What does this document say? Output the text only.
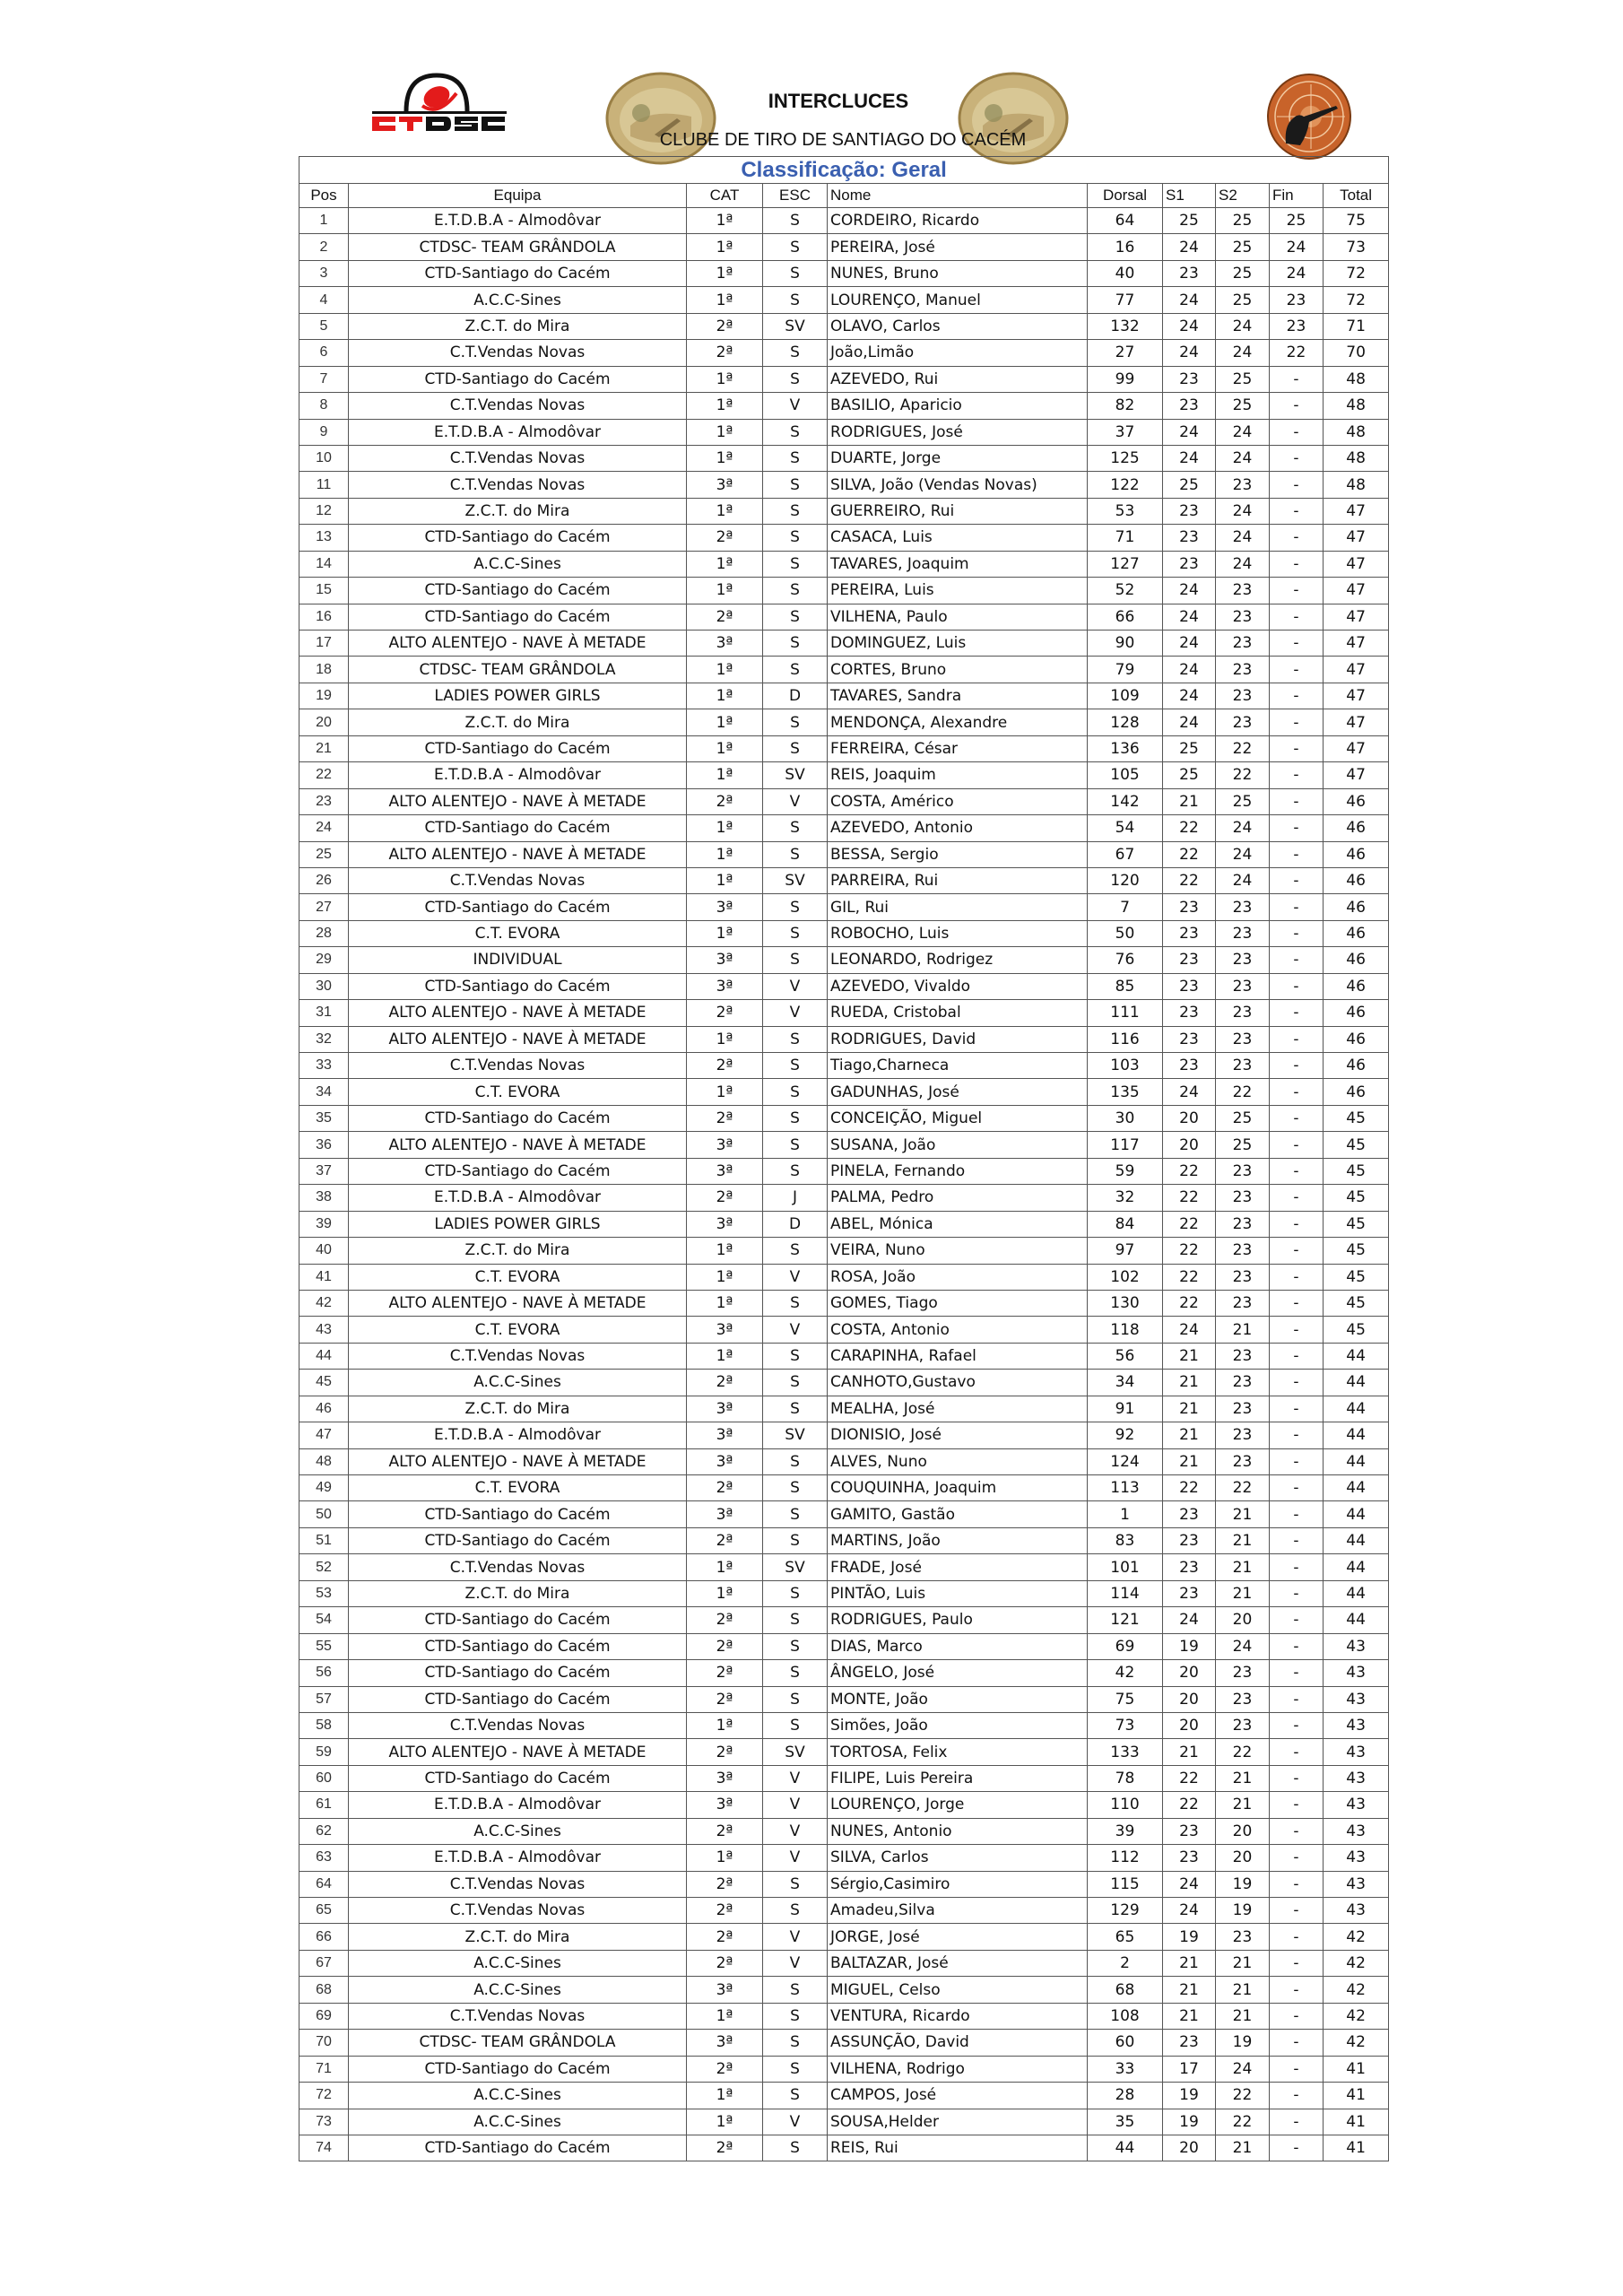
INTERCLUCES
CLUBE DE TIRO DE SANTIAGO DO CACÉM
Classificação: Geral									
Pos	Equipa	CAT	ESC	Nome	Dorsal	S1	S2	Fin	Total
1	E.T.D.B.A - Almodôvar	1ª	S	CORDEIRO, Ricardo	64	25	25	25	75
2	CTDSC- TEAM GRÂNDOLA	1ª	S	PEREIRA, José	16	24	25	24	73
3	CTD-Santiago do Cacém	1ª	S	NUNES, Bruno	40	23	25	24	72
4	A.C.C-Sines	1ª	S	LOURENÇO, Manuel	77	24	25	23	72
5	Z.C.T. do Mira	2ª	SV	OLAVO, Carlos	132	24	24	23	71
6	C.T.Vendas Novas	2ª	S	João,Limão	27	24	24	22	70
7	CTD-Santiago do Cacém	1ª	S	AZEVEDO, Rui	99	23	25	-	48
8	C.T.Vendas Novas	1ª	V	BASILIO, Aparicio	82	23	25	-	48
9	E.T.D.B.A - Almodôvar	1ª	S	RODRIGUES, José	37	24	24	-	48
10	C.T.Vendas Novas	1ª	S	DUARTE, Jorge	125	24	24	-	48
11	C.T.Vendas Novas	3ª	S	SILVA, João (Vendas Novas)	122	25	23	-	48
12	Z.C.T. do Mira	1ª	S	GUERREIRO, Rui	53	23	24	-	47
13	CTD-Santiago do Cacém	2ª	S	CASACA, Luis	71	23	24	-	47
14	A.C.C-Sines	1ª	S	TAVARES, Joaquim	127	23	24	-	47
15	CTD-Santiago do Cacém	1ª	S	PEREIRA, Luis	52	24	23	-	47
16	CTD-Santiago do Cacém	2ª	S	VILHENA, Paulo	66	24	23	-	47
17	ALTO ALENTEJO - NAVE À METADE	3ª	S	DOMINGUEZ, Luis	90	24	23	-	47
18	CTDSC- TEAM GRÂNDOLA	1ª	S	CORTES, Bruno	79	24	23	-	47
19	LADIES POWER GIRLS	1ª	D	TAVARES, Sandra	109	24	23	-	47
20	Z.C.T. do Mira	1ª	S	MENDONÇA, Alexandre	128	24	23	-	47
21	CTD-Santiago do Cacém	1ª	S	FERREIRA, César	136	25	22	-	47
22	E.T.D.B.A - Almodôvar	1ª	SV	REIS, Joaquim	105	25	22	-	47
23	ALTO ALENTEJO - NAVE À METADE	2ª	V	COSTA, Américo	142	21	25	-	46
24	CTD-Santiago do Cacém	1ª	S	AZEVEDO, Antonio	54	22	24	-	46
25	ALTO ALENTEJO - NAVE À METADE	1ª	S	BESSA, Sergio	67	22	24	-	46
26	C.T.Vendas Novas	1ª	SV	PARREIRA, Rui	120	22	24	-	46
27	CTD-Santiago do Cacém	3ª	S	GIL, Rui	7	23	23	-	46
28	C.T. EVORA	1ª	S	ROBOCHO, Luis	50	23	23	-	46
29	INDIVIDUAL	3ª	S	LEONARDO, Rodrigez	76	23	23	-	46
30	CTD-Santiago do Cacém	3ª	V	AZEVEDO, Vivaldo	85	23	23	-	46
31	ALTO ALENTEJO - NAVE À METADE	2ª	V	RUEDA, Cristobal	111	23	23	-	46
32	ALTO ALENTEJO - NAVE À METADE	1ª	S	RODRIGUES, David	116	23	23	-	46
33	C.T.Vendas Novas	2ª	S	Tiago,Charneca	103	23	23	-	46
34	C.T. EVORA	1ª	S	GADUNHAS, José	135	24	22	-	46
35	CTD-Santiago do Cacém	2ª	S	CONCEIÇÃO, Miguel	30	20	25	-	45
36	ALTO ALENTEJO - NAVE À METADE	3ª	S	SUSANA, João	117	20	25	-	45
37	CTD-Santiago do Cacém	3ª	S	PINELA, Fernando	59	22	23	-	45
38	E.T.D.B.A - Almodôvar	2ª	J	PALMA, Pedro	32	22	23	-	45
39	LADIES POWER GIRLS	3ª	D	ABEL, Mónica	84	22	23	-	45
40	Z.C.T. do Mira	1ª	S	VEIRA, Nuno	97	22	23	-	45
41	C.T. EVORA	1ª	V	ROSA, João	102	22	23	-	45
42	ALTO ALENTEJO - NAVE À METADE	1ª	S	GOMES, Tiago	130	22	23	-	45
43	C.T. EVORA	3ª	V	COSTA, Antonio	118	24	21	-	45
44	C.T.Vendas Novas	1ª	S	CARAPINHA, Rafael	56	21	23	-	44
45	A.C.C-Sines	2ª	S	CANHOTO,Gustavo	34	21	23	-	44
46	Z.C.T. do Mira	3ª	S	MEALHA, José	91	21	23	-	44
47	E.T.D.B.A - Almodôvar	3ª	SV	DIONISIO, José	92	21	23	-	44
48	ALTO ALENTEJO - NAVE À METADE	3ª	S	ALVES, Nuno	124	21	23	-	44
49	C.T. EVORA	2ª	S	COUQUINHA, Joaquim	113	22	22	-	44
50	CTD-Santiago do Cacém	3ª	S	GAMITO, Gastão	1	23	21	-	44
51	CTD-Santiago do Cacém	2ª	S	MARTINS, João	83	23	21	-	44
52	C.T.Vendas Novas	1ª	SV	FRADE, José	101	23	21	-	44
53	Z.C.T. do Mira	1ª	S	PINTÃO, Luis	114	23	21	-	44
54	CTD-Santiago do Cacém	2ª	S	RODRIGUES, Paulo	121	24	20	-	44
55	CTD-Santiago do Cacém	2ª	S	DIAS, Marco	69	19	24	-	43
56	CTD-Santiago do Cacém	2ª	S	ÂNGELO, José	42	20	23	-	43
57	CTD-Santiago do Cacém	2ª	S	MONTE, João	75	20	23	-	43
58	C.T.Vendas Novas	1ª	S	Simões, João	73	20	23	-	43
59	ALTO ALENTEJO - NAVE À METADE	2ª	SV	TORTOSA, Felix	133	21	22	-	43
60	CTD-Santiago do Cacém	3ª	V	FILIPE, Luis Pereira	78	22	21	-	43
61	E.T.D.B.A - Almodôvar	3ª	V	LOURENÇO, Jorge	110	22	21	-	43
62	A.C.C-Sines	2ª	V	NUNES, Antonio	39	23	20	-	43
63	E.T.D.B.A - Almodôvar	1ª	V	SILVA, Carlos	112	23	20	-	43
64	C.T.Vendas Novas	2ª	S	Sérgio,Casimiro	115	24	19	-	43
65	C.T.Vendas Novas	2ª	S	Amadeu,Silva	129	24	19	-	43
66	Z.C.T. do Mira	2ª	V	JORGE, José	65	19	23	-	42
67	A.C.C-Sines	2ª	V	BALTAZAR, José	2	21	21	-	42
68	A.C.C-Sines	3ª	S	MIGUEL, Celso	68	21	21	-	42
69	C.T.Vendas Novas	1ª	S	VENTURA, Ricardo	108	21	21	-	42
70	CTDSC- TEAM GRÂNDOLA	3ª	S	ASSUNÇÃO, David	60	23	19	-	42
71	CTD-Santiago do Cacém	2ª	S	VILHENA, Rodrigo	33	17	24	-	41
72	A.C.C-Sines	1ª	S	CAMPOS, José	28	19	22	-	41
73	A.C.C-Sines	1ª	V	SOUSA,Helder	35	19	22	-	41
74	CTD-Santiago do Cacém	2ª	S	REIS, Rui	44	20	21	-	41
